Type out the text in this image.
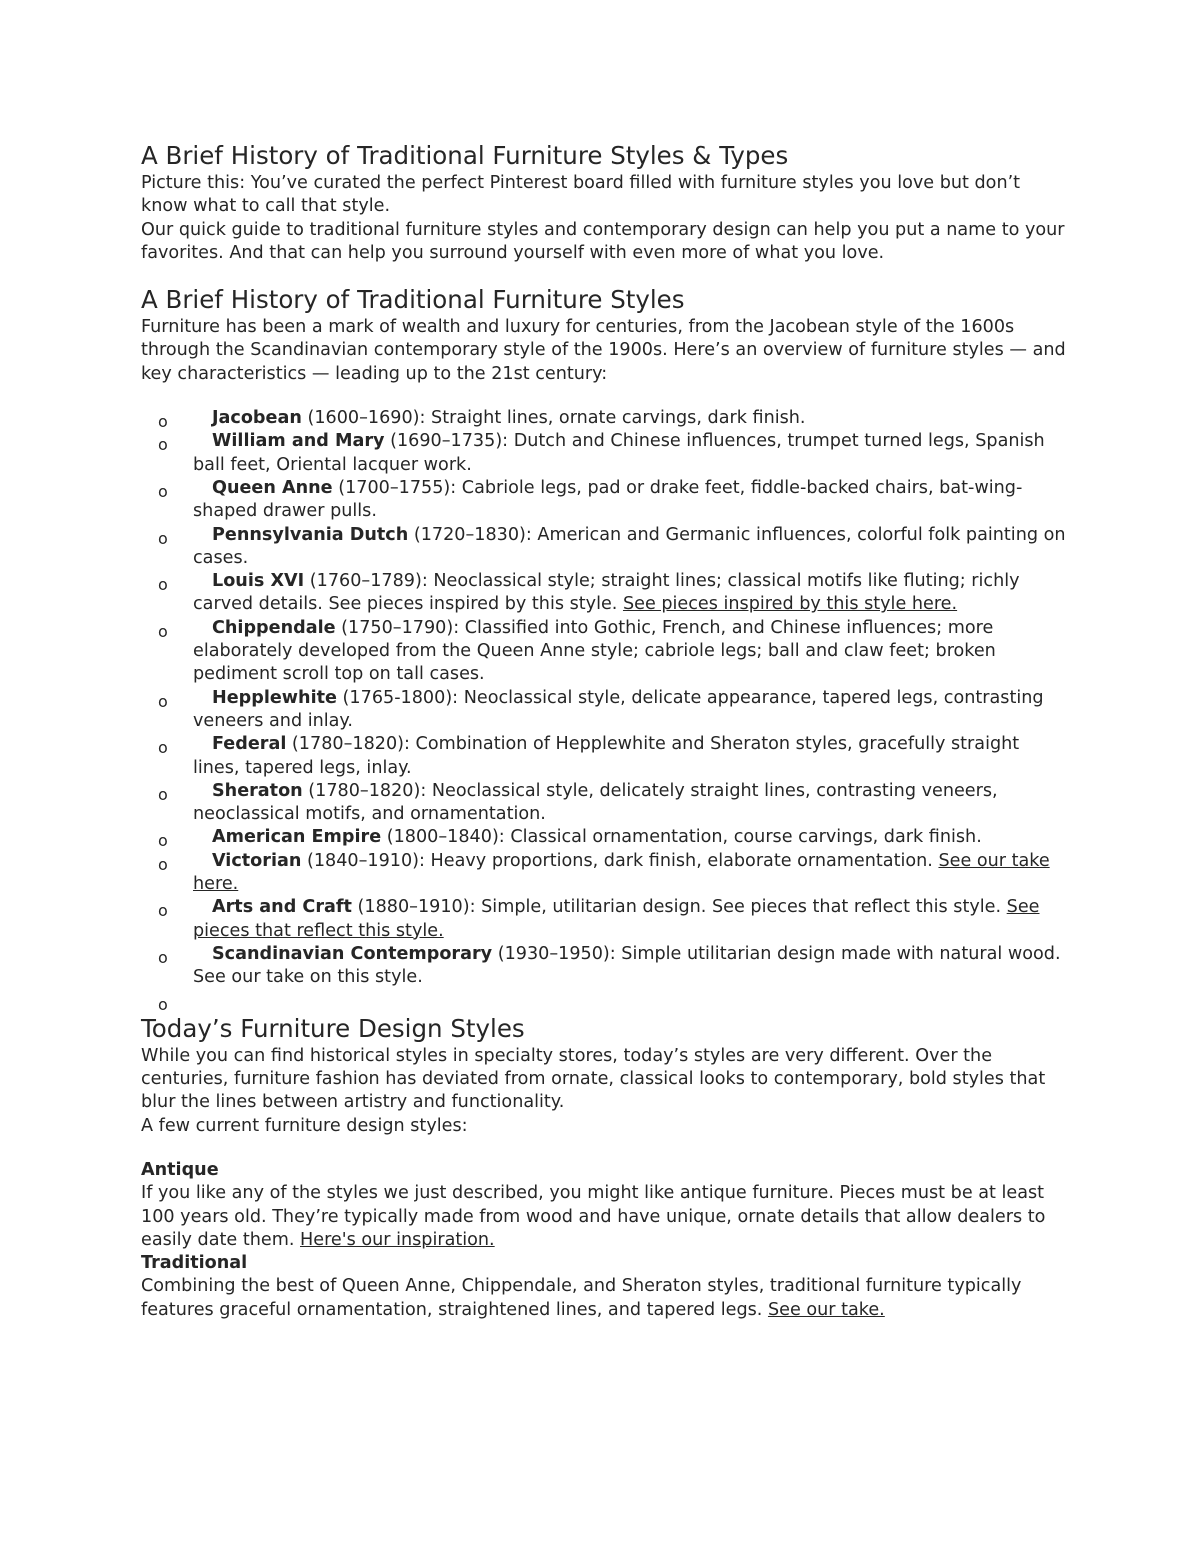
A Brief History of Traditional Furniture Styles & Types

Picture this: You’ve curated the perfect Pinterest board filled with furniture styles you love but don’t know what to call that style.

Our quick guide to traditional furniture styles and contemporary design can help you put a name to your favorites. And that can help you surround yourself with even more of what you love.

A Brief History of Traditional Furniture Styles

Furniture has been a mark of wealth and luxury for centuries, from the Jacobean style of the 1600s through the Scandinavian contemporary style of the 1900s. Here’s an overview of furniture styles — and key characteristics — leading up to the 21st century:

o	Jacobean (1600–1690): Straight lines, ornate carvings, dark finish.
o	William and Mary (1690–1735): Dutch and Chinese influences, trumpet turned legs, Spanish ball feet, Oriental lacquer work.
o	Queen Anne (1700–1755): Cabriole legs, pad or drake feet, fiddle-backed chairs, bat-wing-shaped drawer pulls.
o	Pennsylvania Dutch (1720–1830): American and Germanic influences, colorful folk painting on cases.
o	Louis XVI (1760–1789): Neoclassical style; straight lines; classical motifs like fluting; richly carved details. See pieces inspired by this style. See pieces inspired by this style here.
o	Chippendale (1750–1790): Classified into Gothic, French, and Chinese influences; more elaborately developed from the Queen Anne style; cabriole legs; ball and claw feet; broken pediment scroll top on tall cases.
o	Hepplewhite (1765-1800): Neoclassical style, delicate appearance, tapered legs, contrasting veneers and inlay.
o	Federal (1780–1820): Combination of Hepplewhite and Sheraton styles, gracefully straight lines, tapered legs, inlay.
o	Sheraton (1780–1820): Neoclassical style, delicately straight lines, contrasting veneers, neoclassical motifs, and ornamentation.
o	American Empire (1800–1840): Classical ornamentation, course carvings, dark finish.
o	Victorian (1840–1910): Heavy proportions, dark finish, elaborate ornamentation. See our take here.
o	Arts and Craft (1880–1910): Simple, utilitarian design. See pieces that reflect this style. See pieces that reflect this style.
o	Scandinavian Contemporary (1930–1950): Simple utilitarian design made with natural wood. See our take on this style.
o
Today’s Furniture Design Styles

While you can find historical styles in specialty stores, today’s styles are very different. Over the centuries, furniture fashion has deviated from ornate, classical looks to contemporary, bold styles that blur the lines between artistry and functionality.

A few current furniture design styles:

Antique

If you like any of the styles we just described, you might like antique furniture. Pieces must be at least 100 years old. They’re typically made from wood and have unique, ornate details that allow dealers to easily date them. Here's our inspiration.

Traditional

Combining the best of Queen Anne, Chippendale, and Sheraton styles, traditional furniture typically features graceful ornamentation, straightened lines, and tapered legs. See our take.
